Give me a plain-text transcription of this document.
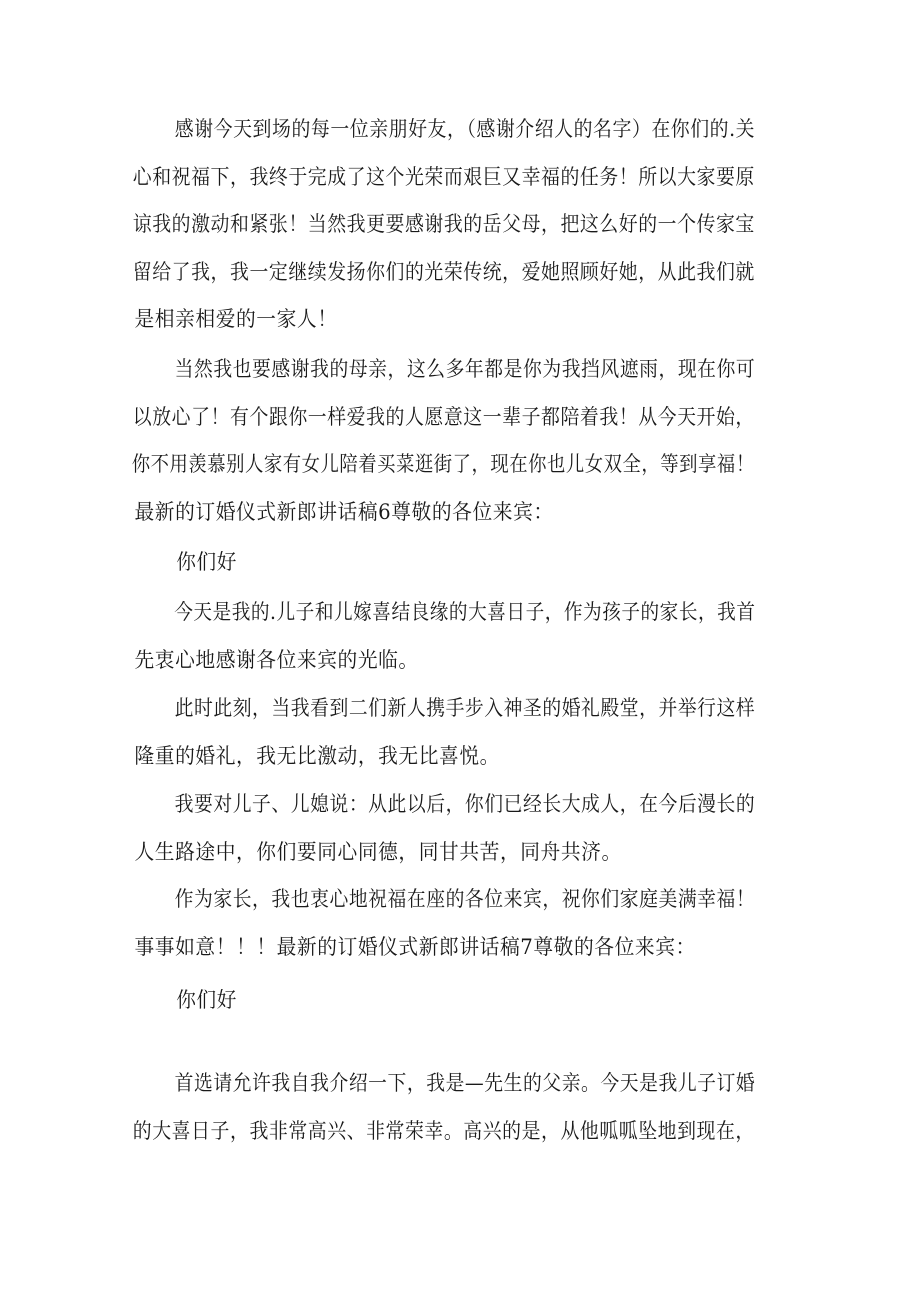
感谢今天到场的每一位亲朋好友，（感谢介绍人的名字）在你们的.关
心和祝福下，我终于完成了这个光荣而艰巨又幸福的任务！所以大家要原
谅我的激动和紧张！当然我更要感谢我的岳父母，把这么好的一个传家宝
留给了我，我一定继续发扬你们的光荣传统，爱她照顾好她，从此我们就
是相亲相爱的一家人！

当然我也要感谢我的母亲，这么多年都是你为我挡风遮雨，现在你可
以放心了！有个跟你一样爱我的人愿意这一辈子都陪着我！从今天开始，
你不用羡慕别人家有女儿陪着买菜逛街了，现在你也儿女双全，等到享福！
最新的订婚仪式新郎讲话稿6尊敬的各位来宾：

你们好

今天是我的.儿子和儿嫁喜结良缘的大喜日子，作为孩子的家长，我首
先衷心地感谢各位来宾的光临。

此时此刻，当我看到二们新人携手步入神圣的婚礼殿堂，并举行这样
隆重的婚礼，我无比激动，我无比喜悦。

我要对儿子、儿媳说：从此以后，你们已经长大成人，在今后漫长的
人生路途中，你们要同心同德，同甘共苦，同舟共济。

作为家长，我也衷心地祝福在座的各位来宾，祝你们家庭美满幸福！
事事如意！！！最新的订婚仪式新郎讲话稿7尊敬的各位来宾：

你们好

首选请允许我自我介绍一下，我是—先生的父亲。今天是我儿子订婚
的大喜日子，我非常高兴、非常荣幸。高兴的是，从他呱呱坠地到现在，
